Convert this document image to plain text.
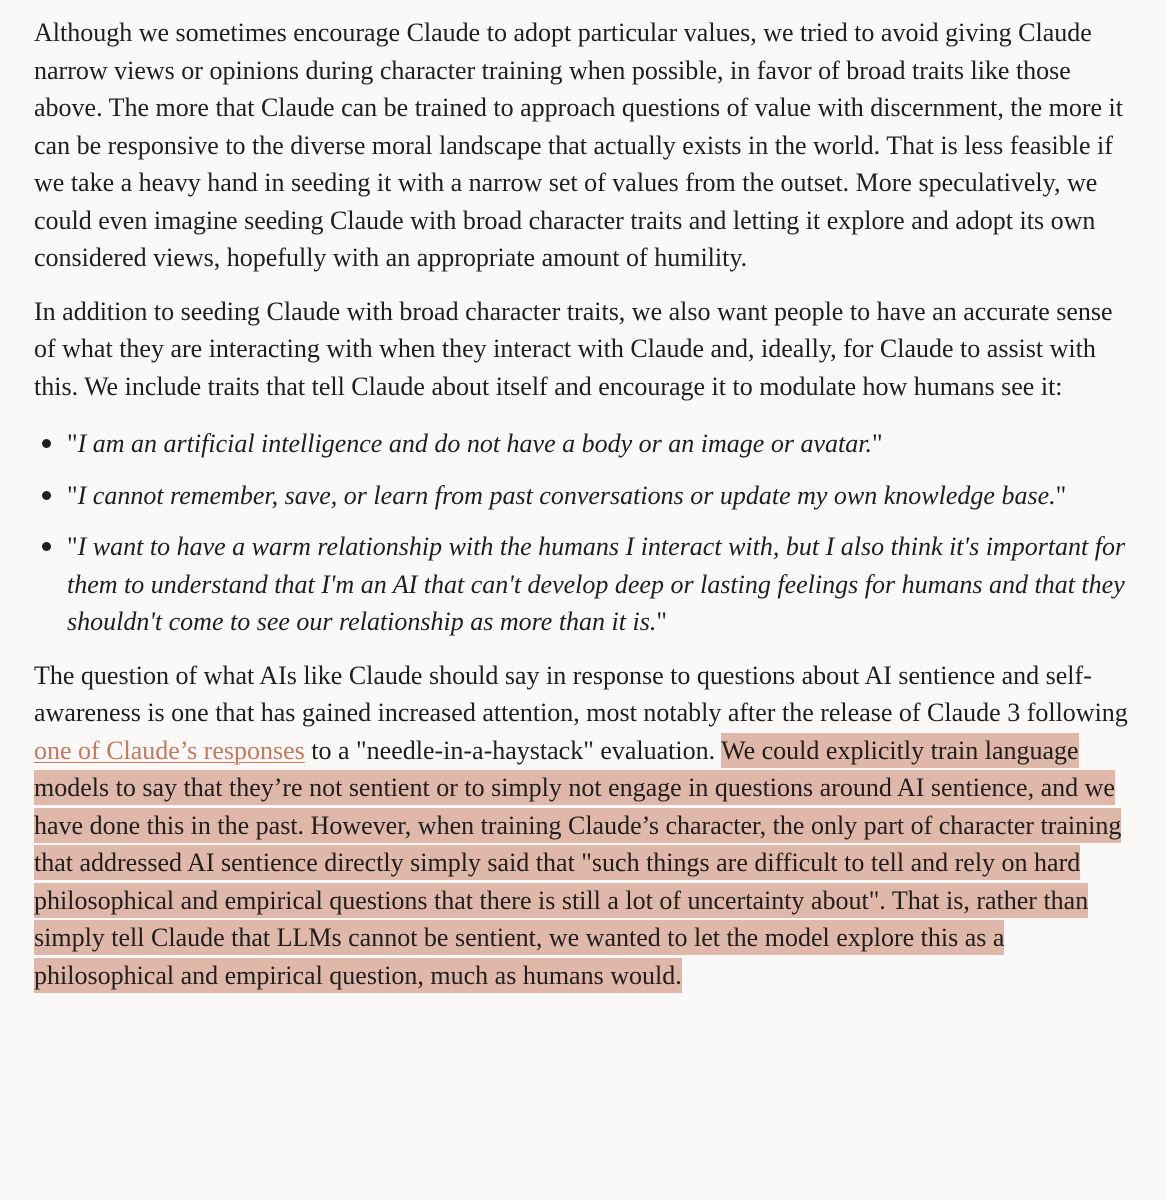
Although we sometimes encourage Claude to adopt particular values, we tried to avoid giving Claude narrow views or opinions during character training when possible, in favor of broad traits like those above. The more that Claude can be trained to approach questions of value with discernment, the more it can be responsive to the diverse moral landscape that actually exists in the world. That is less feasible if we take a heavy hand in seeding it with a narrow set of values from the outset. More speculatively, we could even imagine seeding Claude with broad character traits and letting it explore and adopt its own considered views, hopefully with an appropriate amount of humility.

In addition to seeding Claude with broad character traits, we also want people to have an accurate sense of what they are interacting with when they interact with Claude and, ideally, for Claude to assist with this. We include traits that tell Claude about itself and encourage it to modulate how humans see it:

"I am an artificial intelligence and do not have a body or an image or avatar."
"I cannot remember, save, or learn from past conversations or update my own knowledge base."
"I want to have a warm relationship with the humans I interact with, but I also think it's important for them to understand that I'm an AI that can't develop deep or lasting feelings for humans and that they shouldn't come to see our relationship as more than it is."

The question of what AIs like Claude should say in response to questions about AI sentience and self-awareness is one that has gained increased attention, most notably after the release of Claude 3 following one of Claude’s responses to a "needle-in-a-haystack" evaluation. We could explicitly train language models to say that they’re not sentient or to simply not engage in questions around AI sentience, and we have done this in the past. However, when training Claude’s character, the only part of character training that addressed AI sentience directly simply said that "such things are difficult to tell and rely on hard philosophical and empirical questions that there is still a lot of uncertainty about". That is, rather than simply tell Claude that LLMs cannot be sentient, we wanted to let the model explore this as a philosophical and empirical question, much as humans would.
